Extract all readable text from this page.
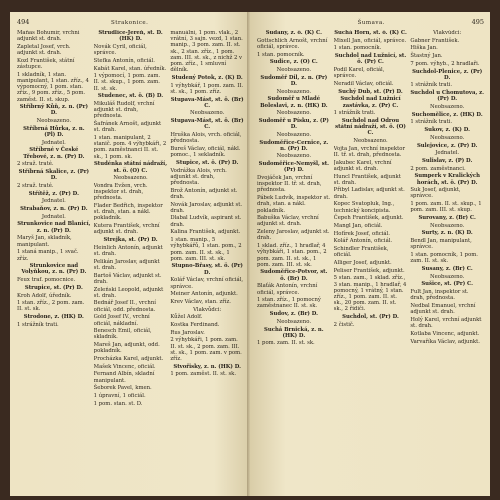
494	Strakonice.
Maňas Bohumír, vrchní adjunkt st. drah.
Zapletal Josef, vrch. adjunkt st. drah.
Kozl František, státní zástupce.
1 skladník, 1 stan. manipulant, 1 stan. zříz., 4 výpomocný, 1 pom. stan. zříz., 9 pom. zříz., 5 pom. zaměst. II. st. skup.
Stříbrný Kůň, z. n. (Pr) D.
Neobsazeno.
Stříbrná Hůrka, z. n. (Pl) D.
Jednatel.
Stříbrné v České Třebové, z. n. (Pr) D.
2 straž. traté.
Stříbrná Skalice, z. (Pr) D.
2 straž. traté.
Střítěž, z. (Pr) D.
Jednatel.
Strabaňov, z. n. (Pr) D.
Jednatel.
Strunkovice nad Blanicí, z. n. (Pr) D.
Maryš Jan, skladník, manipulant.
1 staná manip., 1 svač. zříz.
Strunkovice nad Volyňkou, z. n. (Pr) D.
Feux traf. pomocnice.
Strupice, st. (Pr) D.
Kroh Adolf, úředník.
1 stan. zříz., 2 pom. zam. II. st. sk.
Strodone, z. (HK) D.
1 strážník trati.
Strudlice-Jereň, st. D. (HK) D.
Novák Cyril, oficiál, správce.
Stefka Antonín, oficiál.
Kabát Karel, stan. úředník.
1 výpomocí, 1 pom. zam. II. st. skup., 1 pom. zam. II. st. sk.
Studenec, st. ö. (B) D.
Mikuláš Rudolf, vrchní adjunkt st. drah, přednosta.
Šafránek Arnošt, adjunkt st. drah.
1 stan. manipulant, 2 stanič. pom. 4 výhybkáři, 2 pom. zaměstnanci II. st. sk., 1 pom. sk.
Studénka státní nádraží, st. ö. (O) C.
Neobsazeno.
Vondra Evžen, vrch. inspektor st. drah, přednosta.
Flader Bedřich, inspektor st. drah, stan. a nákl. pokladník.
Kutera František, vrchní adjunkt st. drah.
Strejka, st. (Pr) D.
Heinlich Antonín, adjunkt st. drah.
Pelikán Jaroslav, adjunkt st. drah.
Bartoš Václav, adjunkt st. drah.
Zeleński Leopold, adjunkt st. drah.
Bednář Josef II., vrchní oficiál, odd. přednosta.
Gold Josef IV., vrchní oficiál, nákladní.
Benesch Emil, oficiál, skladník.
Mareš Jan, adjunkt, odd. pokladník.
Procházka Karel, adjunkt.
Mašek Vincenc, oficiál.
Fernand Albín, skladní manipulant.
Šeborek Pavel, kmen.
1 úpravní, 1 oficiál.
1 pom. stan. st. D.
manuální, 1 pom. vlak., 2 vrátní, 3 sajn. vezd, 1 stan. manip., 3 pom. zam. II. st. sk., 2 stan. zříz., 1 pom. zam. III. st. sk., z nichž 2 v pom. zříz., 1 smluvní dělník.
Studený Potok, z. (K) D.
1 výhybkář, 1 pom. zam. II. st. sk., 1 pom. zříz.
Stupava-Mást, st. ö. (Br) C.
Neobsazeno.
Stupava-Mást, st. ö. (Br) C.
Hruška Alois, vrch. oficiál, přednosta.
Bureš Václav, oficiál, nákl. pomoc., 1 sekladník.
Stupice, st. ö. (Pr) D.
Vodrážka Alois, vrch. adjunkt st. drah, přednosta.
Brož Antonín, adjunkt st. drah.
Novák Jaroslav, adjunkt st. drah.
Dlabal Ludvík, aspirant st. drah.
Kalina František, adjunkt.
1 stan. manip., 5 výhybkářů, 1 stan. pom., 2 pom. zam. II. st. sk., 1 pom. zam. III. st. sk.
Stupno-Břasy, st. ö. (Pr) D.
Kolář Václav, vrchní oficiál, správce.
Meiner Antonín, adjunkt.
Krev Václav, stan. zříz.
Vlakvůdci:
Kůžel Adolf.
Kostka Ferdinand.
Rus Jaroslav.
2 výhybkáři, 1 pom. zam. II. st. sk., 2 pom. zam. III. st. sk., 1 pom. zam. v pom. zříz.
Stvořisky, z. n. (HK) D.
1 pom. zaměst. II. st. sk.
Šumava.	495
Sudany, z. ö. (K) C.
Gottschlich Arnošt, vrchní oficiál, správce.
1 stan. pomocník.
Sudice, z. (O) C.
Neobsazeno.
Sudoměř Dil, z. n. (Pr) D.
Neobsazeno.
Sudoměř u Mladé Boleslavi, z. n. (HK) D.
Neobsazeno.
Sudoměř u Písku, z. (P) D.
Neobsazeno.
Sudoměřice-Cernice, z. n. (Pr) D.
Neobsazeno.
Sudoměřice-Nemyšl, st. (Pr) D.
Dvojáček Jan, vrchní inspektor II. tř. st. drah, přednosta.
Pábek Ludvík, inspektor st. drah, stan. a nákl. pokladník.
Babuška Václav, vrchní adjunkt st. drah.
Zeleny Jaroslav, adjunkt st. drah.
1 sklad. zříz., 1 hradlař, 4 výhybkáři, 1 stan. pom., 2 pom. zam. II. st. sk., 1 pom. zam. III. st. sk.
Sudoměřice-Potvor, st. ö. (Br) D.
Blaťák Antonín, vrchní oficiál, správce.
1 stan. zříz., 1 pomocný zaměstnanec II. st. sk.
Sudov, z. (Br) D.
Neobsazeno.
Suchá Brnická, z. n. (HK) D.
1 pom. zam. II. st. sk.
Suchá Horn, st. ö. (K) C.
Mixell Jan, oficiál, správce.
1 stan. pomocník.
Suchdol nad Lužnicí, st. ö. (Pr) C.
Podil Karel, oficiál, správce.
Neradil Václav, oficiál.
Suchý Dub, st. (Pr) D.
Suchdol nad Lužnicí zastávka, z. (Pr) C.
1 strážník trati.
Suchdol nad Odrou státní nádraží, st. ö. (O) C.
Neobsazeno.
Vojta Jan, vrchní inspektor II. tř. st. drah, přednosta.
Jakubec Karel, vrchní adjunkt st. drah.
Huncl František, adjunkt st. drah.
Přibyl Ladislav, adjunkt st. drah.
Kopec Svatopluk, Ing., technický koncipista.
Čepeh František, adjunkt.
Mangl Jan, oficiál.
Hofírek Josef, oficiál.
Kolář Antonín, oficiál.
Schindler František, oficiál.
Alliger Josef, adjunkt.
Peliser František, adjunkt.
5 stan. zam., 1 sklad. zříz., 3 stan. manip., 1 hradlař, 4 pomocný, 1 vrátný, 1 stan. zříz., 1 pom. zam. II. st. sk., 20 pom. zam. II. st. sk., 2 řidiči.
Suchdol, st. (Pr) D.
2 čistič.
Vlakvůdci:
Gabner František.
Hiška Jan.
Štastný Jan.
7 pom. výhyb., 2 hradlaři.
Suchdol-Plenice, z. (Pr) D.
1 strážník trati.
Suchdol u Chomutova, z. (Pr) D.
Neobsazeno.
Suchomělice, z. (HK) D.
1 strážník trati.
Sukov, z. (K) D.
Neobsazeno.
Sulejovice, z. (Pr) D.
Jednatel.
Sulislav, z. (P) D.
2 pom. zaměstnanci.
Sumperk v Kralických horách, st. ö. (Pr) D.
Suk Josef, adjunkt, správce.
1 pom. zam. II. st. skup., 1 pom. zam. III. st. skup.
Surovany, z. (Br) C.
Neobsazeno.
Surty, z. n. (K) D.
Bendl Jan, manipulant, správce.
1 stan. pomocník, 1 pom. zam. II. st. sk.
Susany, z. (Br) C.
Neobsazeno.
Sušice, st. (Pr) C.
Fult Jan, inspektor st. drah, přednosta.
Nedbal Emanuel, vrchní adjunkt st. drah.
Holý Karel, vrchní adjunkt st. drah.
Kotlaba Vincenc, adjunkt.
Varvaříka Václav, adjunkt.
